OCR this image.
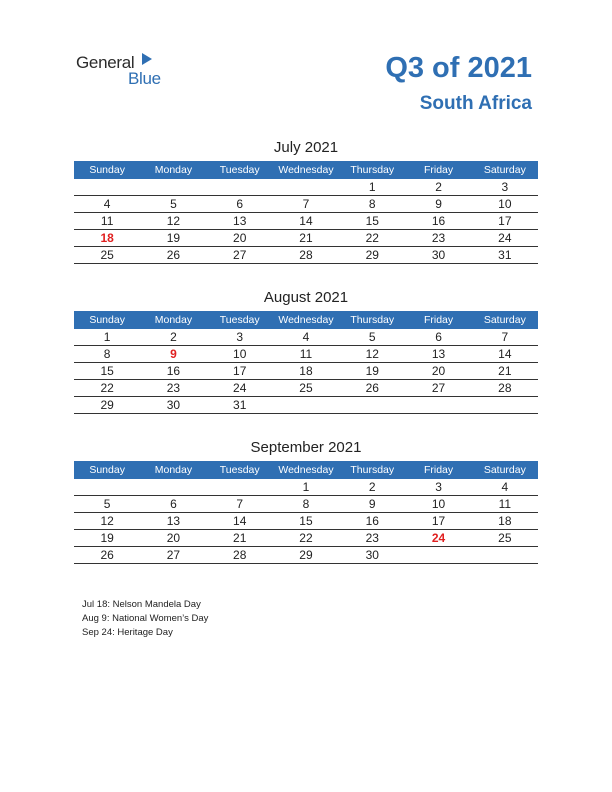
General
Blue	Q3 of 2021
South Africa
July 2021
Sunday	Monday	Tuesday	Wednesday	Thursday	Friday	Saturday
				1	2	3
4	5	6	7	8	9	10
11	12	13	14	15	16	17
18	19	20	21	22	23	24
25	26	27	28	29	30	31
August 2021
Sunday	Monday	Tuesday	Wednesday	Thursday	Friday	Saturday
1	2	3	4	5	6	7
8	9	10	11	12	13	14
15	16	17	18	19	20	21
22	23	24	25	26	27	28
29	30	31				
September 2021
Sunday	Monday	Tuesday	Wednesday	Thursday	Friday	Saturday
			1	2	3	4
5	6	7	8	9	10	11
12	13	14	15	16	17	18
19	20	21	22	23	24	25
26	27	28	29	30		
Jul 18: Nelson Mandela Day
Aug 9: National Women’s Day
Sep 24: Heritage Day
